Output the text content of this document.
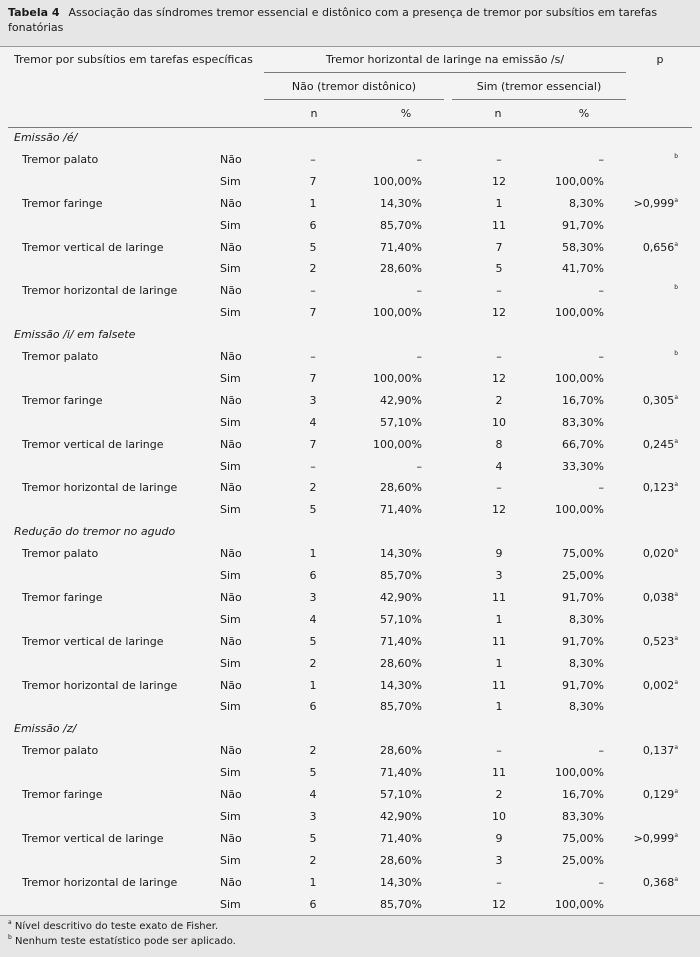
Tabela 4 Associação das síndromes tremor essencial e distônico com a presença de tremor por subsítios em tarefas fonatórias
Tremor por subsítios em tarefas específicas	Tremor horizontal de laringe na emissão /s/	p
Não (tremor distônico)	Sim (tremor essencial)
n	%	n	%
Emissão /é/
Tremor palato	$^b$
Não	–	–	–	–
Sim	7	100,00%	12	100,00%
Tremor faringe	>0,999$^a$
Não	1	14,30%	1	8,30%
Sim	6	85,70%	11	91,70%
Tremor vertical de laringe	0,656$^a$
Não	5	71,40%	7	58,30%
Sim	2	28,60%	5	41,70%
Tremor horizontal de laringe	$^b$
Não	–	–	–	–
Sim	7	100,00%	12	100,00%
Emissão /i/ em falsete
Tremor palato	$^b$
Não	–	–	–	–
Sim	7	100,00%	12	100,00%
Tremor faringe	0,305$^a$
Não	3	42,90%	2	16,70%
Sim	4	57,10%	10	83,30%
Tremor vertical de laringe	0,245$^a$
Não	7	100,00%	8	66,70%
Sim	–	–	4	33,30%
Tremor horizontal de laringe	0,123$^a$
Não	2	28,60%	–	–
Sim	5	71,40%	12	100,00%
Redução do tremor no agudo
Tremor palato	0,020$^a$
Não	1	14,30%	9	75,00%
Sim	6	85,70%	3	25,00%
Tremor faringe	0,038$^a$
Não	3	42,90%	11	91,70%
Sim	4	57,10%	1	8,30%
Tremor vertical de laringe	0,523$^a$
Não	5	71,40%	11	91,70%
Sim	2	28,60%	1	8,30%
Tremor horizontal de laringe	0,002$^a$
Não	1	14,30%	11	91,70%
Sim	6	85,70%	1	8,30%
Emissão /z/
Tremor palato	0,137$^a$
Não	2	28,60%	–	–
Sim	5	71,40%	11	100,00%
Tremor faringe	0,129$^a$
Não	4	57,10%	2	16,70%
Sim	3	42,90%	10	83,30%
Tremor vertical de laringe	>0,999$^a$
Não	5	71,40%	9	75,00%
Sim	2	28,60%	3	25,00%
Tremor horizontal de laringe	0,368$^a$
Não	1	14,30%	–	–
Sim	6	85,70%	12	100,00%
$^a$ Nível descritivo do teste exato de Fisher.
$^b$ Nenhum teste estatístico pode ser aplicado.
